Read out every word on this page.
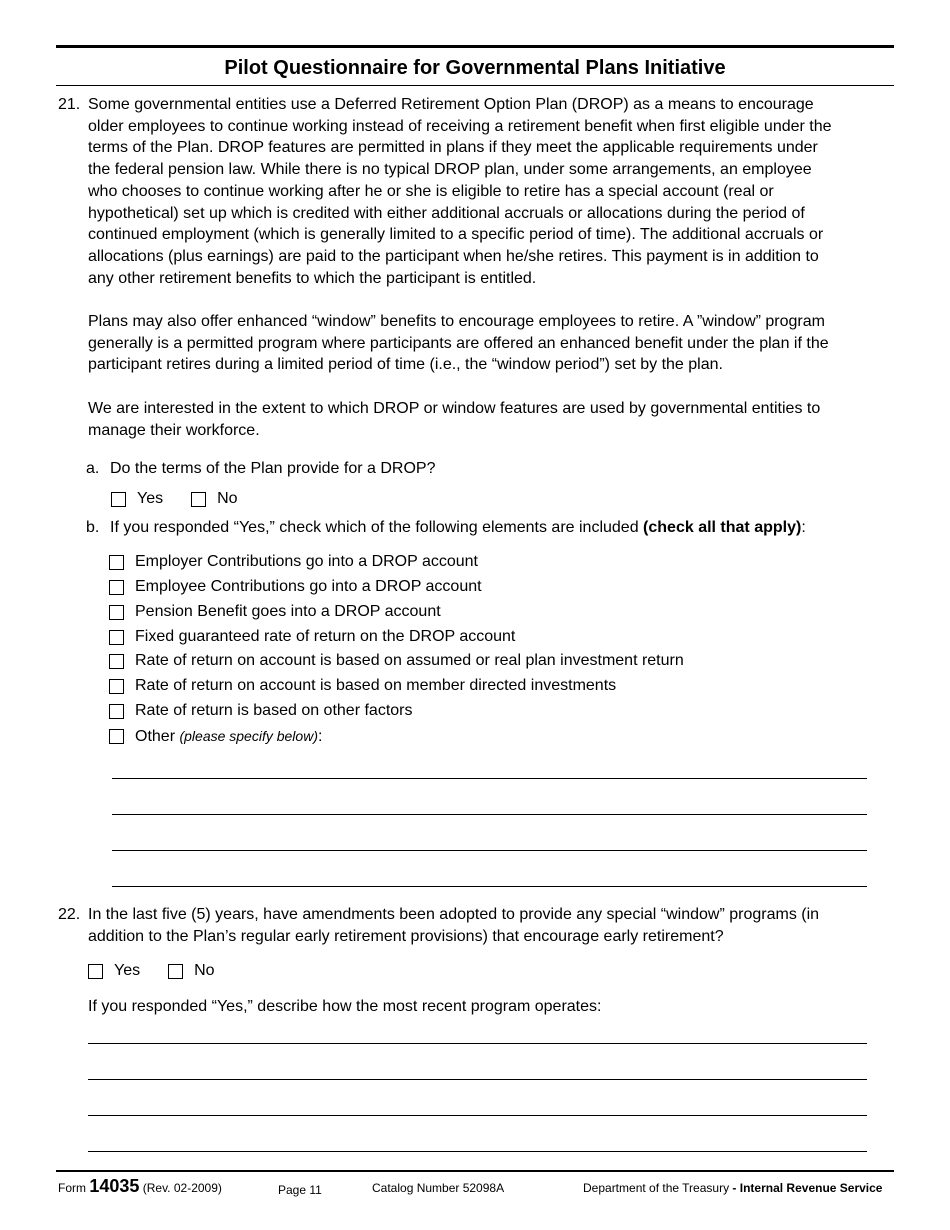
Pilot Questionnaire for Governmental Plans Initiative
21. Some governmental entities use a Deferred Retirement Option Plan (DROP) as a means to encourage
older employees to continue working instead of receiving a retirement benefit when first eligible under the
terms of the Plan. DROP features are permitted in plans if they meet the applicable requirements under
the federal pension law. While there is no typical DROP plan, under some arrangements, an employee
who chooses to continue working after he or she is eligible to retire has a special account (real or
hypothetical) set up which is credited with either additional accruals or allocations during the period of
continued employment (which is generally limited to a specific period of time). The additional accruals or
allocations (plus earnings) are paid to the participant when he/she retires. This payment is in addition to
any other retirement benefits to which the participant is entitled.
Plans may also offer enhanced “window” benefits to encourage employees to retire. A ”window” program
generally is a permitted program where participants are offered an enhanced benefit under the plan if the
participant retires during a limited period of time (i.e., the “window period”) set by the plan.
We are interested in the extent to which DROP or window features are used by governmental entities to
manage their workforce.
a. Do the terms of the Plan provide for a DROP?
Yes	No
b. If you responded “Yes,” check which of the following elements are included (check all that apply):
Employer Contributions go into a DROP account
Employee Contributions go into a DROP account
Pension Benefit goes into a DROP account
Fixed guaranteed rate of return on the DROP account
Rate of return on account is based on assumed or real plan investment return
Rate of return on account is based on member directed investments
Rate of return is based on other factors
Other (please specify below):
22. In the last five (5) years, have amendments been adopted to provide any special “window” programs (in
addition to the Plan’s regular early retirement provisions) that encourage early retirement?
Yes	No
If you responded “Yes,” describe how the most recent program operates:
Form 14035 (Rev. 02-2009)	Page 11	Catalog Number 52098A	Department of the Treasury - Internal Revenue Service
